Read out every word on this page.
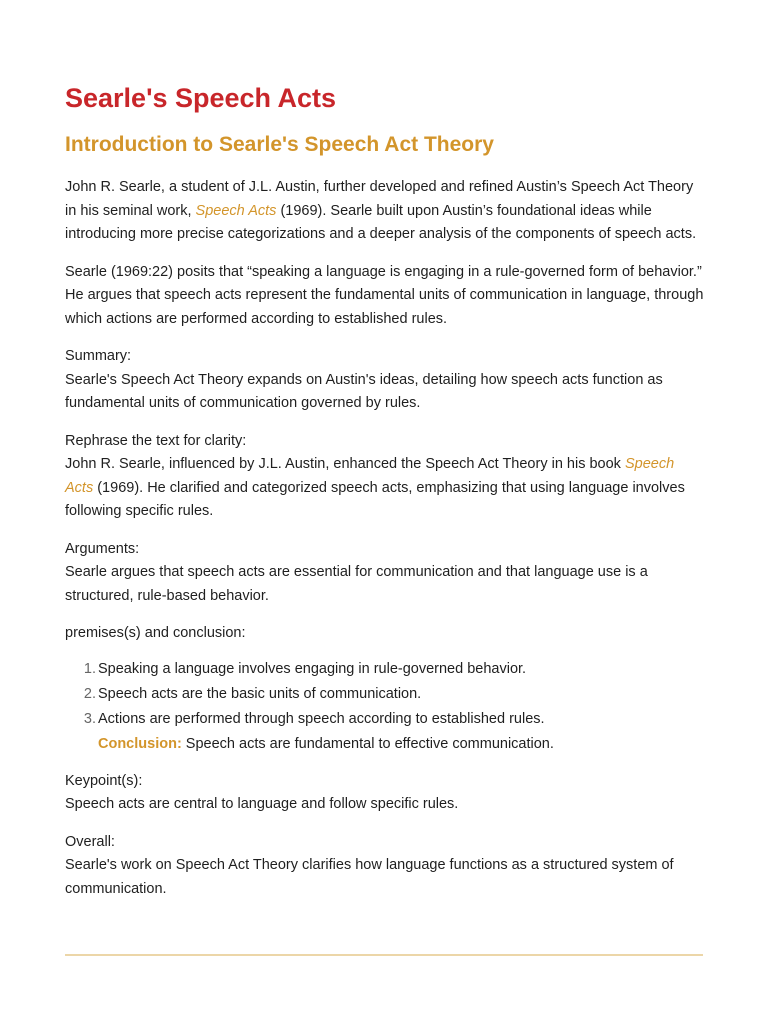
Searle's Speech Acts
Introduction to Searle's Speech Act Theory

John R. Searle, a student of J.L. Austin, further developed and refined Austin’s Speech Act Theory in his seminal work, Speech Acts (1969). Searle built upon Austin’s foundational ideas while introducing more precise categorizations and a deeper analysis of the components of speech acts.

Searle (1969:22) posits that “speaking a language is engaging in a rule-governed form of behavior.” He argues that speech acts represent the fundamental units of communication in language, through which actions are performed according to established rules.

Summary:

Searle's Speech Act Theory expands on Austin's ideas, detailing how speech acts function as fundamental units of communication governed by rules.

Rephrase the text for clarity:

John R. Searle, influenced by J.L. Austin, enhanced the Speech Act Theory in his book Speech Acts (1969). He clarified and categorized speech acts, emphasizing that using language involves following specific rules.

Arguments:

Searle argues that speech acts are essential for communication and that language use is a structured, rule-based behavior.

premises(s) and conclusion:

1. Speaking a language involves engaging in rule-governed behavior.
2. Speech acts are the basic units of communication.
3. Actions are performed through speech according to established rules.

Conclusion: Speech acts are fundamental to effective communication.

Keypoint(s):

Speech acts are central to language and follow specific rules.

Overall:

Searle's work on Speech Act Theory clarifies how language functions as a structured system of communication.
